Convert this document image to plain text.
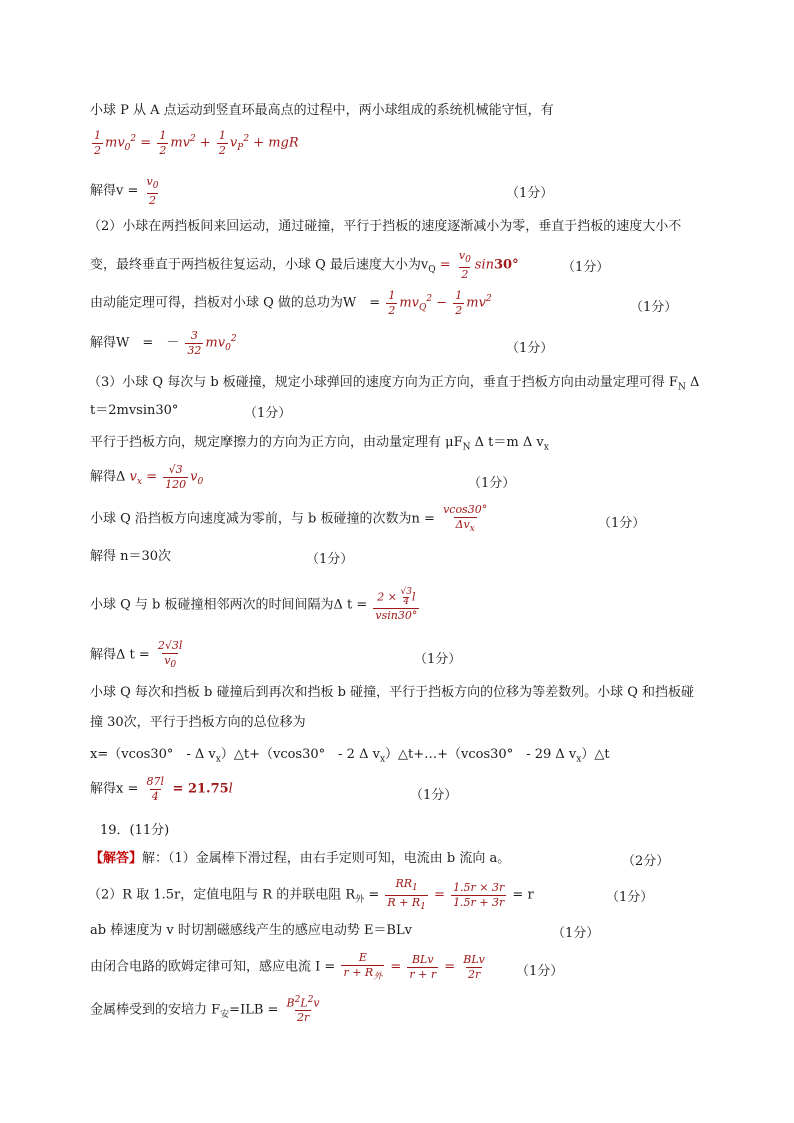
小球 P 从 A 点运动到竖直环最高点的过程中，两小球组成的系统机械能守恒，有
$\frac{1}{2} mv_0^2 = \frac{1}{2} mv^2 + \frac{1}{2} v_P^2$ + mgR
解得$v = \frac{v_0}{2}$	（1分）
（2）小球在两挡板间来回运动，通过碰撞，平行于挡板的速度逐渐减小为零，垂直于挡板的速度大小不
变，最终垂直于两挡板往复运动，小球 Q 最后速度大小为$v_Q = \frac{v_0}{2} \sin 30^\circ$	（1分）
由动能定理可得，挡板对小球 Q 做的总功为W　= $\frac{1}{2} mv_Q^2 - \frac{1}{2} mv^2$
（1分）
解得W　=　－ $\frac{3}{32} mv_0^2$
（1分）
（3）小球 Q 每次与 b 板碰撞，规定小球弹回的速度方向为正方向，垂直于挡板方向由动量定理可得 $F_N$ Δ
t＝2mvsin30°	（1分）
平行于挡板方向，规定摩擦力的方向为正方向，由动量定理有 $\mu F_N$ Δ t＝m Δ $v_x$
解得Δ $v_x = \frac{√3}{120} v_0$	（1分）
小球 Q 沿挡板方向速度减为零前，与 b 板碰撞的次数为$n = \frac{vcos30^\circ}{\Delta v_x}$	（1分）
解得 n＝30次	（1分）
小球 Q 与 b 板碰撞相邻两次的时间间隔为Δ $t = \frac{2 \times \frac{√3}{4} l}{vsin30^\circ}$
解得Δ $t = \frac{2√3l}{v_0}$	（1分）
小球 Q 每次和挡板 b 碰撞后到再次和挡板 b 碰撞，平行于挡板方向的位移为等差数列。小球 Q 和挡板碰
撞 30次，平行于挡板方向的总位移为
x=（vcos30°　- Δ $v_x)\triangle t+(vcos30^\circ$　- 2 Δ $v_x)\triangle t+\dots+(vcos30^\circ$　- 29 Δ $v_x)\triangle t$
解得$x = \frac{87l}{4} = 21.75l$	（1分）
19．(11分)
【解答】解：（1）金属棒下滑过程，由右手定则可知，电流由 b 流向 a。	（2分）
（2）R 取 1.5r，定值电阻与 R 的并联电阻 $R_外 = \frac{RR_1}{R + R_1} = \frac{1.5r \times 3r}{1.5r + 3r} = r$	（1分）
ab 棒速度为 v 时切割磁感线产生的感应电动势 E＝BLv	（1分）
由闭合电路的欧姆定律可知，感应电流 $I = \frac{E}{r + R_外} = \frac{\text{BLv}}{r + r} = \frac{\text{BLv}}{2r} (1$分）
金属棒受到的安培力 $F_安=ILB = \frac{B^2L^2v}{2r}$
